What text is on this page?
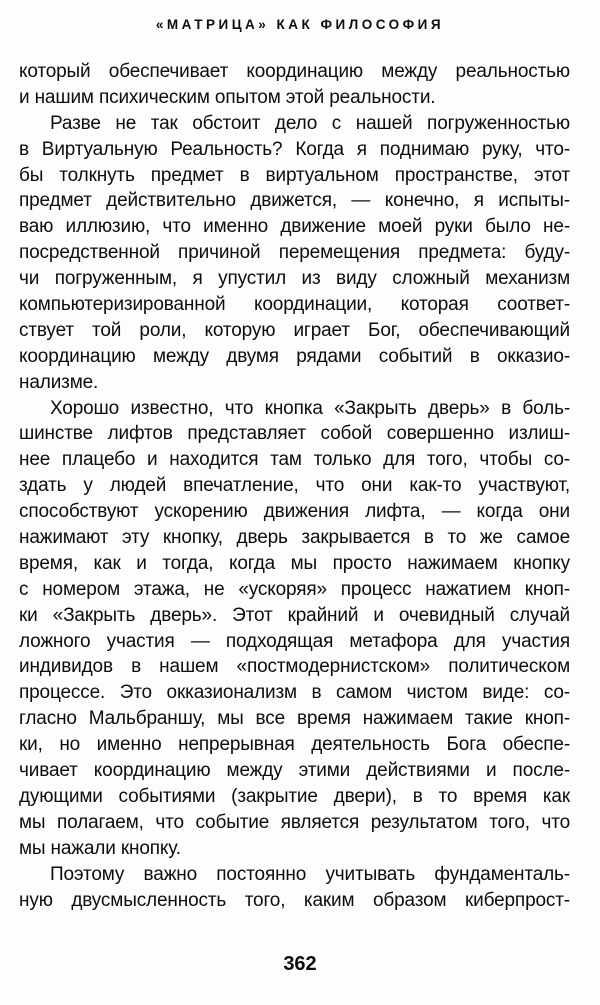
«МАТРИЦА» КАК ФИЛОСОФИЯ
который обеспечивает координацию между реальностью
и нашим психическим опытом этой реальности.
Разве не так обстоит дело с нашей погруженностью
в Виртуальную Реальность? Когда я поднимаю руку, что-
бы толкнуть предмет в виртуальном пространстве, этот
предмет действительно движется, — конечно, я испыты-
ваю иллюзию, что именно движение моей руки было не-
посредственной причиной перемещения предмета: буду-
чи погруженным, я упустил из виду сложный механизм
компьютеризированной координации, которая соответ-
ствует той роли, которую играет Бог, обеспечивающий
координацию между двумя рядами событий в окказио-
нализме.
Хорошо известно, что кнопка «Закрыть дверь» в боль-
шинстве лифтов представляет собой совершенно излиш-
нее плацебо и находится там только для того, чтобы со-
здать у людей впечатление, что они как-то участвуют,
способствуют ускорению движения лифта, — когда они
нажимают эту кнопку, дверь закрывается в то же самое
время, как и тогда, когда мы просто нажимаем кнопку
с номером этажа, не «ускоряя» процесс нажатием кноп-
ки «Закрыть дверь». Этот крайний и очевидный случай
ложного участия — подходящая метафора для участия
индивидов в нашем «постмодернистском» политическом
процессе. Это окказионализм в самом чистом виде: со-
гласно Мальбраншу, мы все время нажимаем такие кноп-
ки, но именно непрерывная деятельность Бога обеспе-
чивает координацию между этими действиями и после-
дующими событиями (закрытие двери), в то время как
мы полагаем, что событие является результатом того, что
мы нажали кнопку.
Поэтому важно постоянно учитывать фундаменталь-
ную двусмысленность того, каким образом киберпрост-
362
